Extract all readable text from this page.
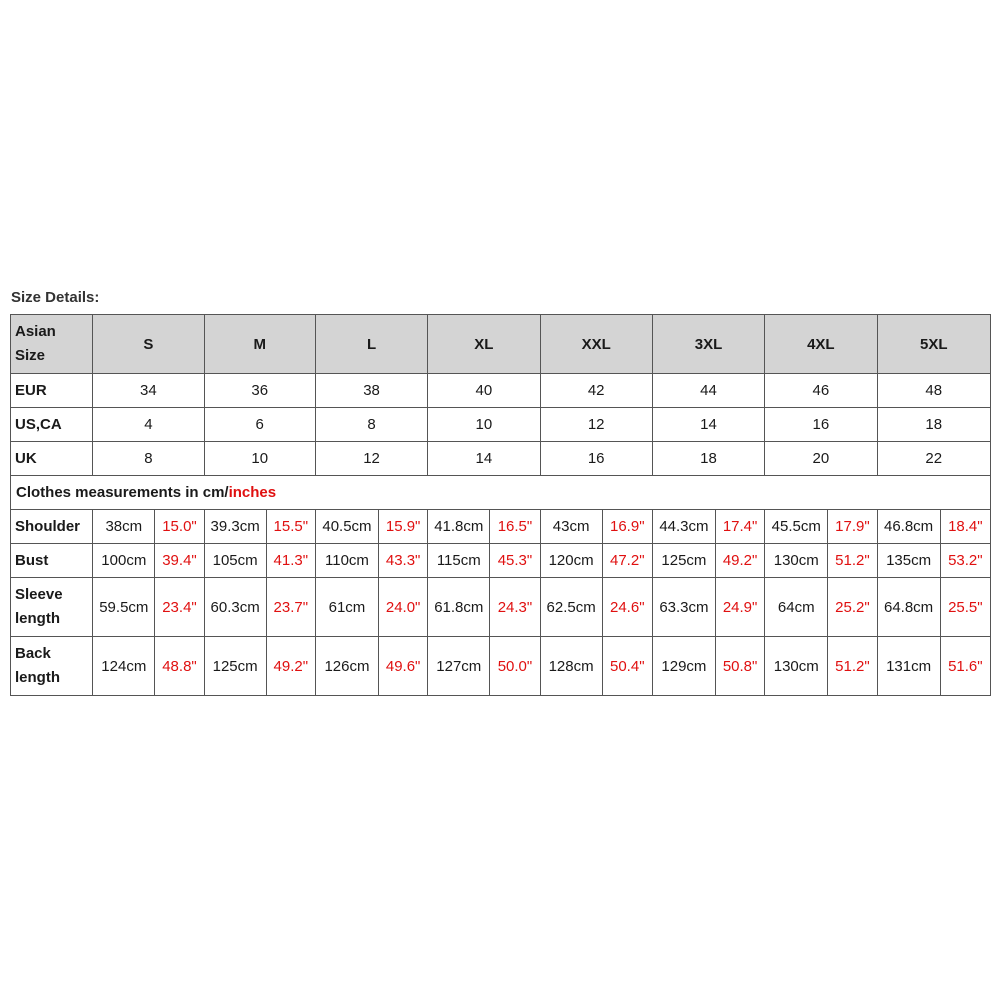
Size Details:
Asian
Size	S		M		L		XL		XXL		3XL		4XL		5XL	
EUR	34		36		38		40		42		44		46		48	
US,CA	4		6		8		10		12		14		16		18	
UK	8		10		12		14		16		18		20		22	
Clothes measurements in cm/inches																

Shoulder	38cm	15.0"	39.3cm	15.5"	40.5cm	15.9"	41.8cm	16.5"	43cm	16.9"	44.3cm	17.4"	45.5cm	17.9"	46.8cm	18.4"

Bust	100cm	39.4"	105cm	41.3"	110cm	43.3"	115cm	45.3"	120cm	47.2"	125cm	49.2"	130cm	51.2"	135cm	53.2"

Sleeve
length	59.5cm	23.4"	60.3cm	23.7"	61cm	24.0"	61.8cm	24.3"	62.5cm	24.6"	63.3cm	24.9"	64cm	25.2"	64.8cm	25.5"

Back
length	124cm	48.8"	125cm	49.2"	126cm	49.6"	127cm	50.0"	128cm	50.4"	129cm	50.8"	130cm	51.2"	131cm	51.6"
